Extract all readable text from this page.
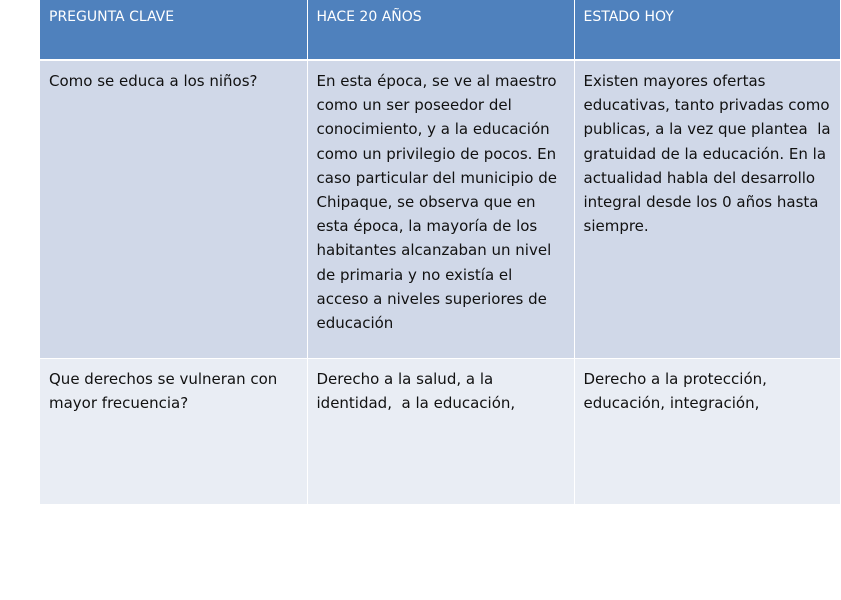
PREGUNTA CLAVE	HACE 20 AÑOS	ESTADO HOY
Como se educa a los niños?	En esta época, se ve al maestro como un ser poseedor del conocimiento, y a la educación como un privilegio de pocos. En caso particular del municipio de Chipaque, se observa que en esta época, la mayoría de los habitantes alcanzaban un nivel de primaria y no existía el acceso a niveles superiores de educación	Existen mayores ofertas educativas, tanto privadas como publicas, a la vez que plantea  la gratuidad de la educación. En la actualidad habla del desarrollo integral desde los 0 años hasta siempre.
Que derechos se vulneran con mayor frecuencia?	Derecho a la salud, a la identidad,  a la educación,	Derecho a la protección, educación, integración,
